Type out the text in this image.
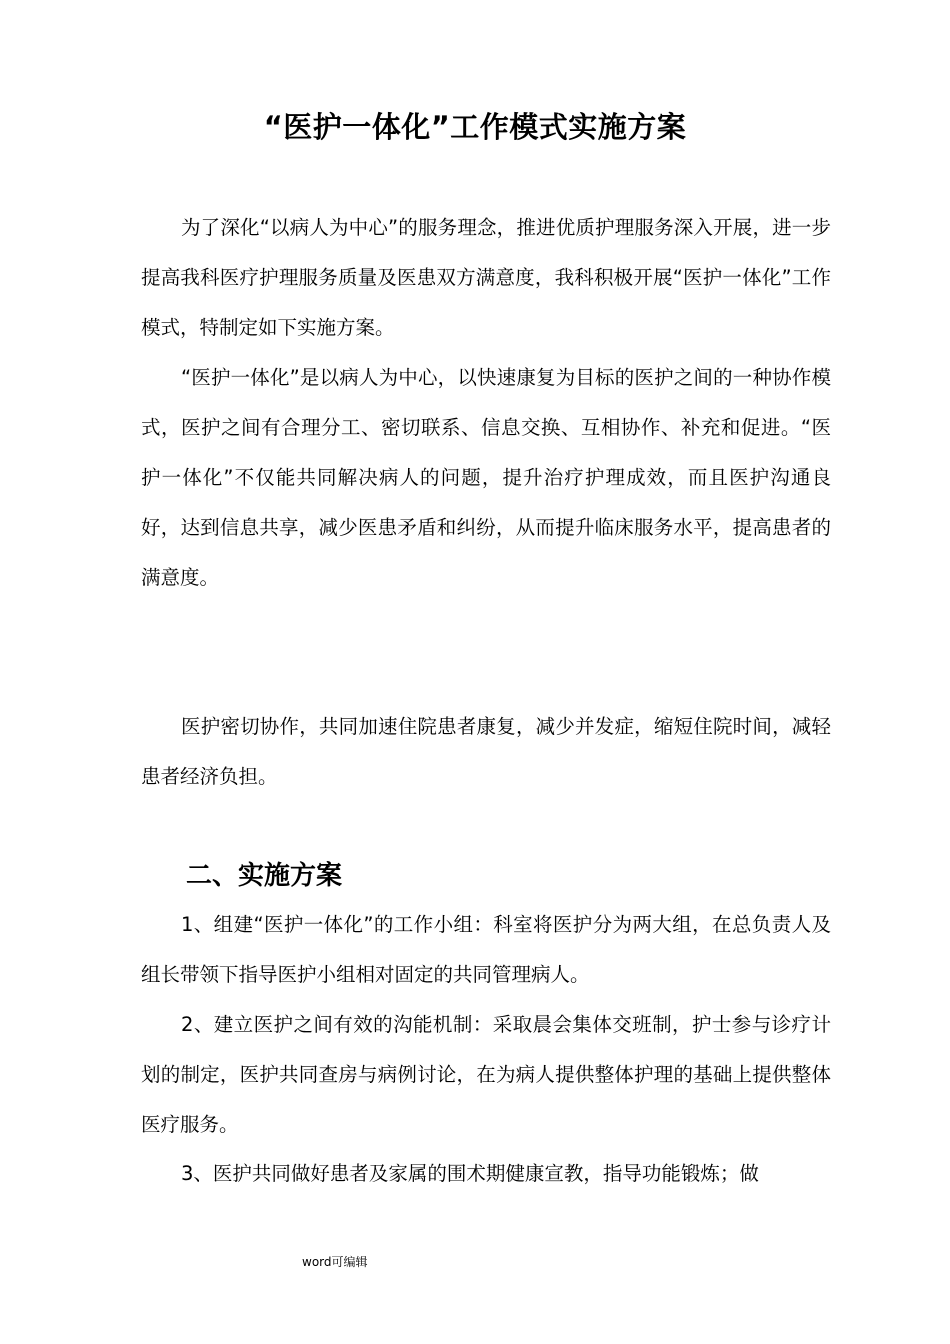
“医护一体化”工作模式实施方案

为了深化“以病人为中心”的服务理念，推进优质护理服务深入开展，进一步提高我科医疗护理服务质量及医患双方满意度，我科积极开展“医护一体化”工作模式，特制定如下实施方案。

“医护一体化”是以病人为中心，以快速康复为目标的医护之间的一种协作模式，医护之间有合理分工、密切联系、信息交换、互相协作、补充和促进。“医护一体化”不仅能共同解决病人的问题，提升治疗护理成效，而且医护沟通良好，达到信息共享，减少医患矛盾和纠纷，从而提升临床服务水平，提高患者的满意度。

医护密切协作，共同加速住院患者康复，减少并发症，缩短住院时间，减轻患者经济负担。

二、实施方案

1、组建“医护一体化”的工作小组：科室将医护分为两大组，在总负责人及组长带领下指导医护小组相对固定的共同管理病人。

2、建立医护之间有效的沟能机制：采取晨会集体交班制，护士参与诊疗计划的制定，医护共同查房与病例讨论，在为病人提供整体护理的基础上提供整体医疗服务。

3、医护共同做好患者及家属的围术期健康宣教，指导功能锻炼；做

word可编辑
